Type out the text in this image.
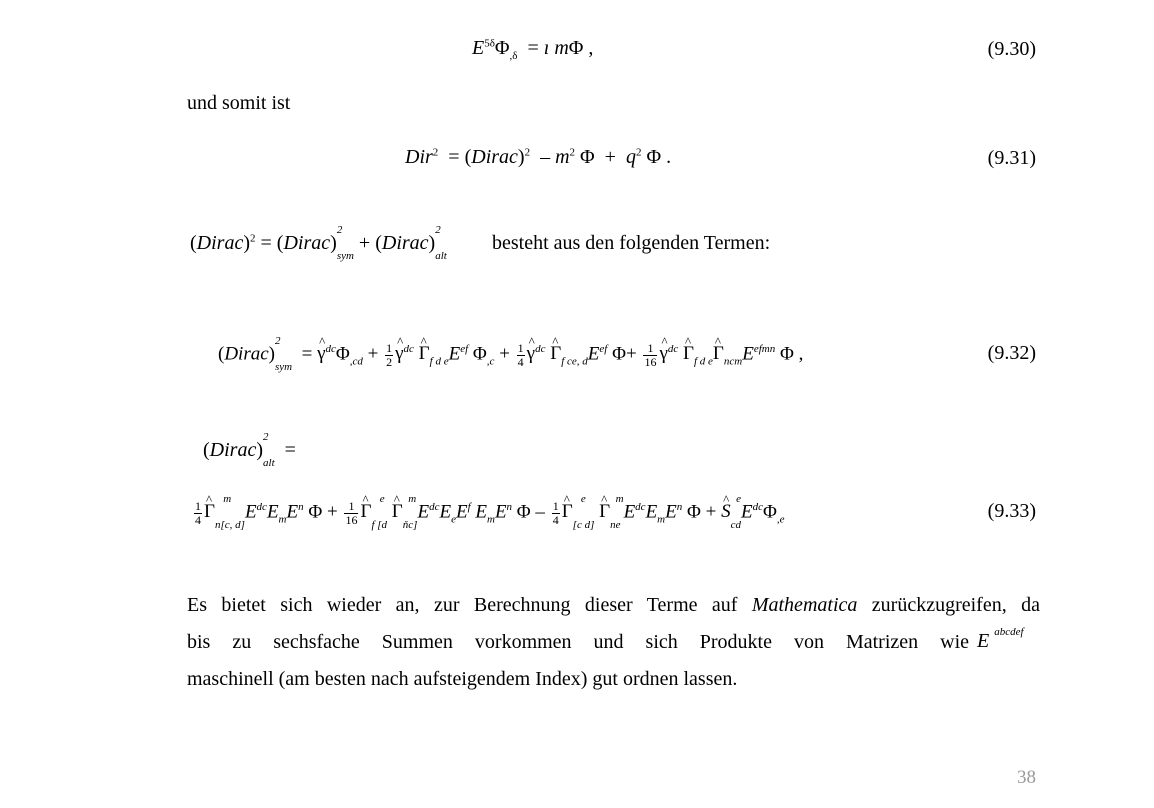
$E^{5\delta}\Phi_{,\delta}$  = ı mΦ ,	(9.30)
und somit ist
Dir$^2$  = (Dirac)$^2$  – $m^2$ $\Phi + q^2$ Φ .	(9.31)
(Dirac)$^2$ = (Dirac)
2
sym
+ (Dirac)
2
alt
besteht aus den folgenden Termen:
(Dirac)
2
sym
= ^ $\gamma^{dc}\Phi_{,cd} + \frac{1}{2}$ ^ $\gamma^{dc}$ ^ $\Gamma_{f d e}E^{ef}$ $\Phi_{,c} + \frac{1}{4}$ ^ $\gamma^{dc}$ ^ $\Gamma_{f ce, d}E^{ef}$ $\Phi+ \frac{1}{16}$ ^ $\gamma^{dc}$ ^ $\Gamma_{f d e}\^{}$ $\Gamma_{ncm}E^{efmn}$ Φ ,	(9.32)
(Dirac)
2
alt
=
$\frac{1}{4}$ ^ Γ
m
n[c, d]
$E^{dc}E_mE^n$ $\Phi + \frac{1}{16}$ ^ Γ
e
f [d
^ Γ
m
ňc]
$E^{dc}E_eE^f$ $E_mE^n$ Φ – $\frac{1}{4}$ ^ Γ
e
[c d]
^ Γ
m
ne
$E^{dc}E_mE^n$ Φ + ^ S
e
cd
$E^{dc}\Phi_{,e}$	(9.33)
Es bietet sich wieder an, zur Berechnung dieser Terme auf Mathematica zurückzugreifen, da
bis zu sechsfache Summen vorkommen und sich Produkte von Matrizen wie
maschinell (am besten nach aufsteigendem Index) gut ordnen lassen.
E $^{abcdef}$
38
